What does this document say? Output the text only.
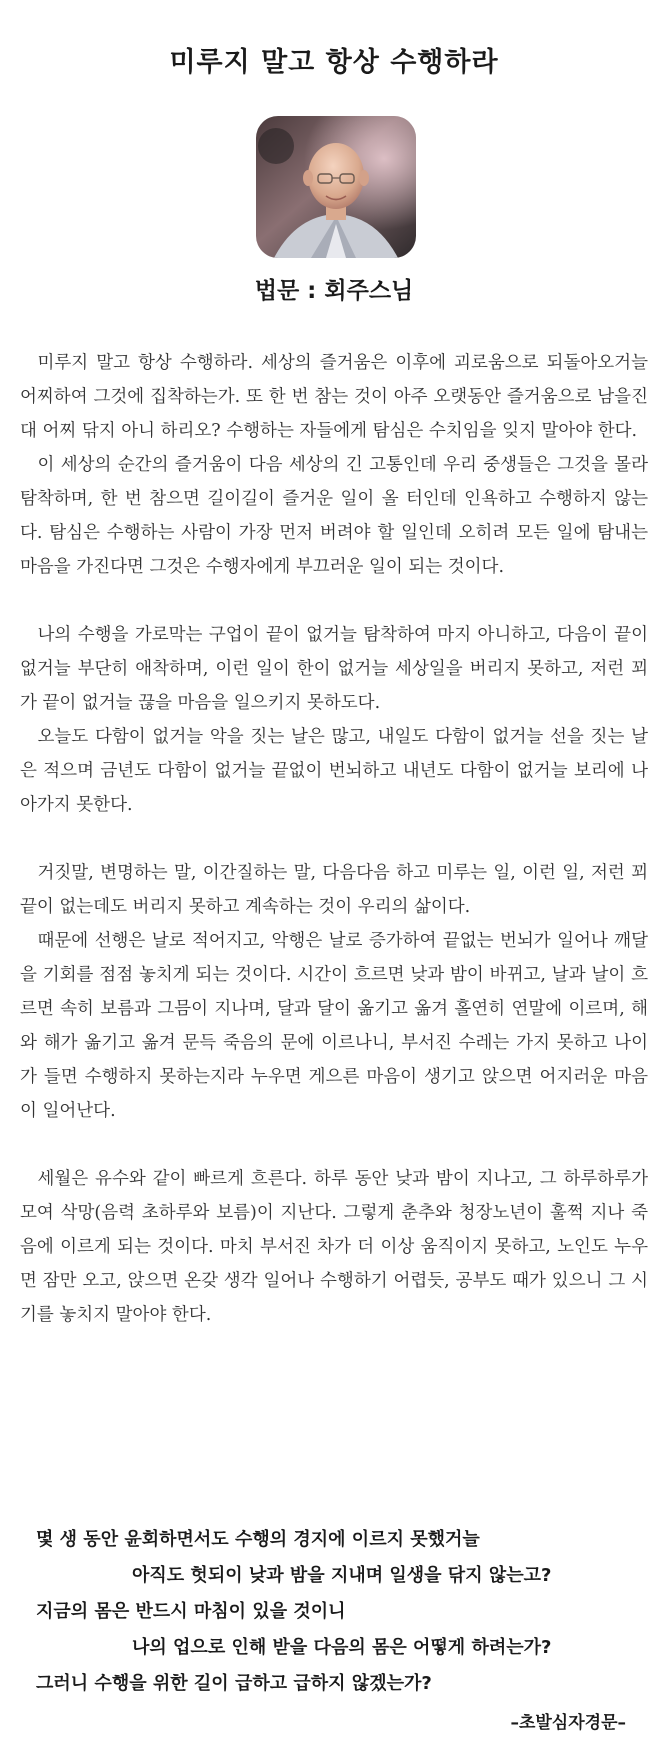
미루지 말고 항상 수행하라

법문 : 회주스님

미루지 말고 항상 수행하라. 세상의 즐거움은 이후에 괴로움으로 되돌아오거늘 어찌하여 그것에 집착하는가. 또 한 번 참는 것이 아주 오랫동안 즐거움으로 남을진대 어찌 닦지 아니 하리오? 수행하는 자들에게 탐심은 수치임을 잊지 말아야 한다.

이 세상의 순간의 즐거움이 다음 세상의 긴 고통인데 우리 중생들은 그것을 몰라 탐착하며, 한 번 참으면 길이길이 즐거운 일이 올 터인데 인욕하고 수행하지 않는다. 탐심은 수행하는 사람이 가장 먼저 버려야 할 일인데 오히려 모든 일에 탐내는 마음을 가진다면 그것은 수행자에게 부끄러운 일이 되는 것이다.

나의 수행을 가로막는 구업이 끝이 없거늘 탐착하여 마지 아니하고, 다음이 끝이 없거늘 부단히 애착하며, 이런 일이 한이 없거늘 세상일을 버리지 못하고, 저런 꾀가 끝이 없거늘 끊을 마음을 일으키지 못하도다.

오늘도 다함이 없거늘 악을 짓는 날은 많고, 내일도 다함이 없거늘 선을 짓는 날은 적으며 금년도 다함이 없거늘 끝없이 번뇌하고 내년도 다함이 없거늘 보리에 나아가지 못한다.

거짓말, 변명하는 말, 이간질하는 말, 다음다음 하고 미루는 일, 이런 일, 저런 꾀 끝이 없는데도 버리지 못하고 계속하는 것이 우리의 삶이다.

때문에 선행은 날로 적어지고, 악행은 날로 증가하여 끝없는 번뇌가 일어나 깨달을 기회를 점점 놓치게 되는 것이다. 시간이 흐르면 낮과 밤이 바뀌고, 날과 날이 흐르면 속히 보름과 그믐이 지나며, 달과 달이 옮기고 옮겨 홀연히 연말에 이르며, 해와 해가 옮기고 옮겨 문득 죽음의 문에 이르나니, 부서진 수레는 가지 못하고 나이가 들면 수행하지 못하는지라 누우면 게으른 마음이 생기고 앉으면 어지러운 마음이 일어난다.

세월은 유수와 같이 빠르게 흐른다. 하루 동안 낮과 밤이 지나고, 그 하루하루가 모여 삭망(음력 초하루와 보름)이 지난다. 그렇게 춘추와 청장노년이 훌쩍 지나 죽음에 이르게 되는 것이다. 마치 부서진 차가 더 이상 움직이지 못하고, 노인도 누우면 잠만 오고, 앉으면 온갖 생각 일어나 수행하기 어렵듯, 공부도 때가 있으니 그 시기를 놓치지 말아야 한다.

몇 생 동안 윤회하면서도 수행의 경지에 이르지 못했거늘

아직도 헛되이 낮과 밤을 지내며 일생을 닦지 않는고?

지금의 몸은 반드시 마침이 있을 것이니

나의 업으로 인해 받을 다음의 몸은 어떻게 하려는가?

그러니 수행을 위한 길이 급하고 급하지 않겠는가?

–초발심자경문–
